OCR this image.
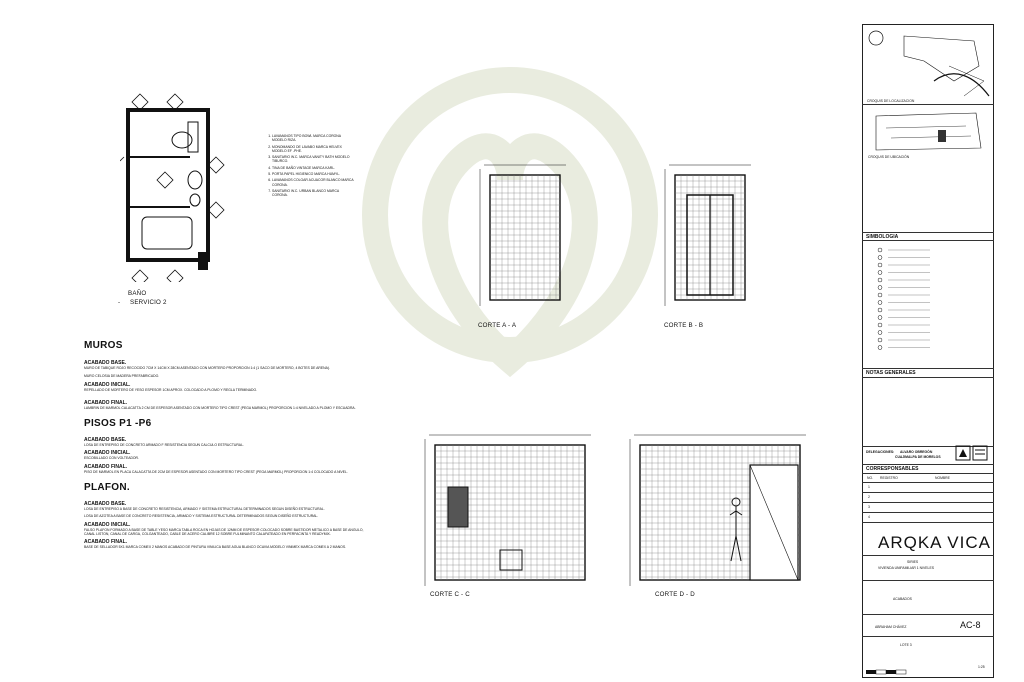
BAÑO
- SERVICIO 2
1. LAVAMANOS TIPO BOWL MARCA CORONA MODELO RIZA.
2. MONOMANDO DE LAVABO MARCA HELVEX MODELO EF -PHE.
3. SANITARIO W.C. MARCA VANITY BATH MODELO TIBURCO.
4. TINA DE BAÑO VINTAGE MARCA KARL.
5. PORTA PAPEL HIGIENICO MARCA HUMYL.
6. LAVAMANOS COLGAR ACUACOR BLANCO MARCA CORONA.
7. SANITARIO W.C. URBAN BLANCO MARCA CORONA.
MUROS
ACABADO BASE.
MURO DE TABIQUE ROJO RECOCIDO 7CM X 14CM X 28CM ASENTADO CON MORTERO PROPORCION 1:4 (1 SACO DE MORTERO, 4 BOTES DE ARENA).
MURO CELOSIA DE MADERA PREFABRICADO.
ACABADO INICIAL.
REPELLADO DE MORTERO DE YESO ESPESOR 1CM APROX. COLOCADO A PLOMO Y REGLA TERMINADO.
ACABADO FINAL.
LAMBRIN DE MARMOL CALACATTA 2 CM DE ESPESOR ASENTADO CON MORTERO TIPO CREST (PEGA MARMOL) PROPORCION 1:4 NIVELADO A PLOMO Y ESCUADRA.
PISOS P1 -P6
ACABADO BASE.
LOSA DE ENTREPISO DE CONCRETO ARMADO F RESISTENCIA SEGUN CALCULO ESTRUCTURAL.
ACABADO INICIAL.
ESCOBILLADO CON VOLTEADOR.
ACABADO FINAL.
PISO DE MARMOL EN PLACA CALACATTA DE 2CM DE ESPESOR ASENTADO CON MORTERO TIPO CREST (PEGA MARMOL) PROPORCION 1:4 COLOCADO A NIVEL.
PLAFON.
ACABADO BASE.
LOSA DE ENTREPISO A BASE DE CONCRETO RESISTENCIA, ARMADO Y SISTEMA ESTRUCTURAL DETERMINADOS SEGUN DISEÑO ESTRUCTURAL.
LOSA DE AZOTEA A BASE DE CONCRETO RESISTENCIA, ARMADO Y SISTEMA ESTRUCTURAL DETERMINADOS SEGUN DISEÑO ESTRUCTURAL.
ACABADO INICIAL.
FALSO PLAFON FORMADO A BASE DE TABLE YESO MARCA TABLA ROCA EN HOJAS DE 12MM DE ESPESOR COLOCADO SOBRE BASTIDOR METALICO A BASE DE ANGULO, CANAL LISTON, CANAL DE CARGA, COLGANTEADO, CABLE DE ACERO CALIBRE 12 SOBRE FULMINANTO CALAFATEADO EN PERFACINTA Y READYMIX.
ACABADO FINAL.
BASE DE SELLADOR 5X1 MARCA COMEX 2 MANOS ACABADO DE PINTURA VINILICA BASE AGUA BLANCO OCAVIA MODELO VINIMEX MARCA COMEX A 2 MANOS.
CORTE A - A	CORTE B - B
CORTE C - C	CORTE D - D
CROQUIS DE LOCALIZACION
CROQUIS DE UBICACIÓN
SIMBOLOGIA
NOTAS GENERALES
DELEGACIONES: ALVARO OBREGÓN
CUAJIMALPA DE MORELOS
CORRESPONSABLES
NO. REGISTRO	NOMBRE
1
2
3
4
ARQKA VICA
SIRIES
VIVIENDA UNIFAMILIAR 1 NIVELES
ACABADOS
ABRAHAM CHÁVEZ	AC-8
LOTE 3
1:25
